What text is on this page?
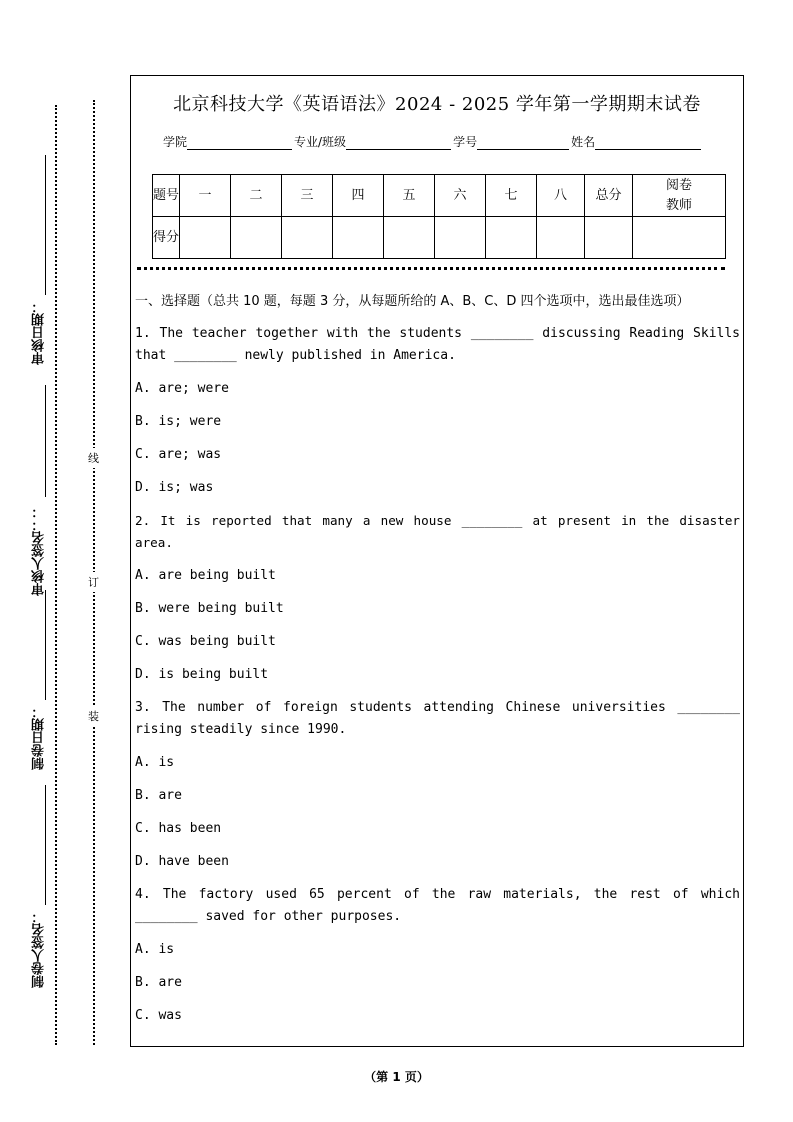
审核日期：
审核人签名：：
制卷日期：
制卷人签名：
线
订
装
北京科技大学《英语语法》2024 - 2025 学年第一学期期末试卷
学院	专业/班级	学号	姓名
题号	一	二	三	四	五	六	七	八	总分	阅卷教师
得分										

一、选择题（总共 10 题，每题 3 分，从每题所给的 A、B、C、D 四个选项中，选出最佳选项）

1. The teacher together with the students ________ discussing Reading Skills that ________ newly published in America.

A. are; were

B. is; were

C. are; was

D. is; was

2. It is reported that many a new house ________ at present in the disaster area.

A. are being built

B. were being built

C. was being built

D. is being built

3. The number of foreign students attending Chinese universities ________ rising steadily since 1990.

A. is

B. are

C. has been

D. have been

4. The factory used 65 percent of the raw materials, the rest of which ________ saved for other purposes.

A. is

B. are

C. was

（第 1 页）
